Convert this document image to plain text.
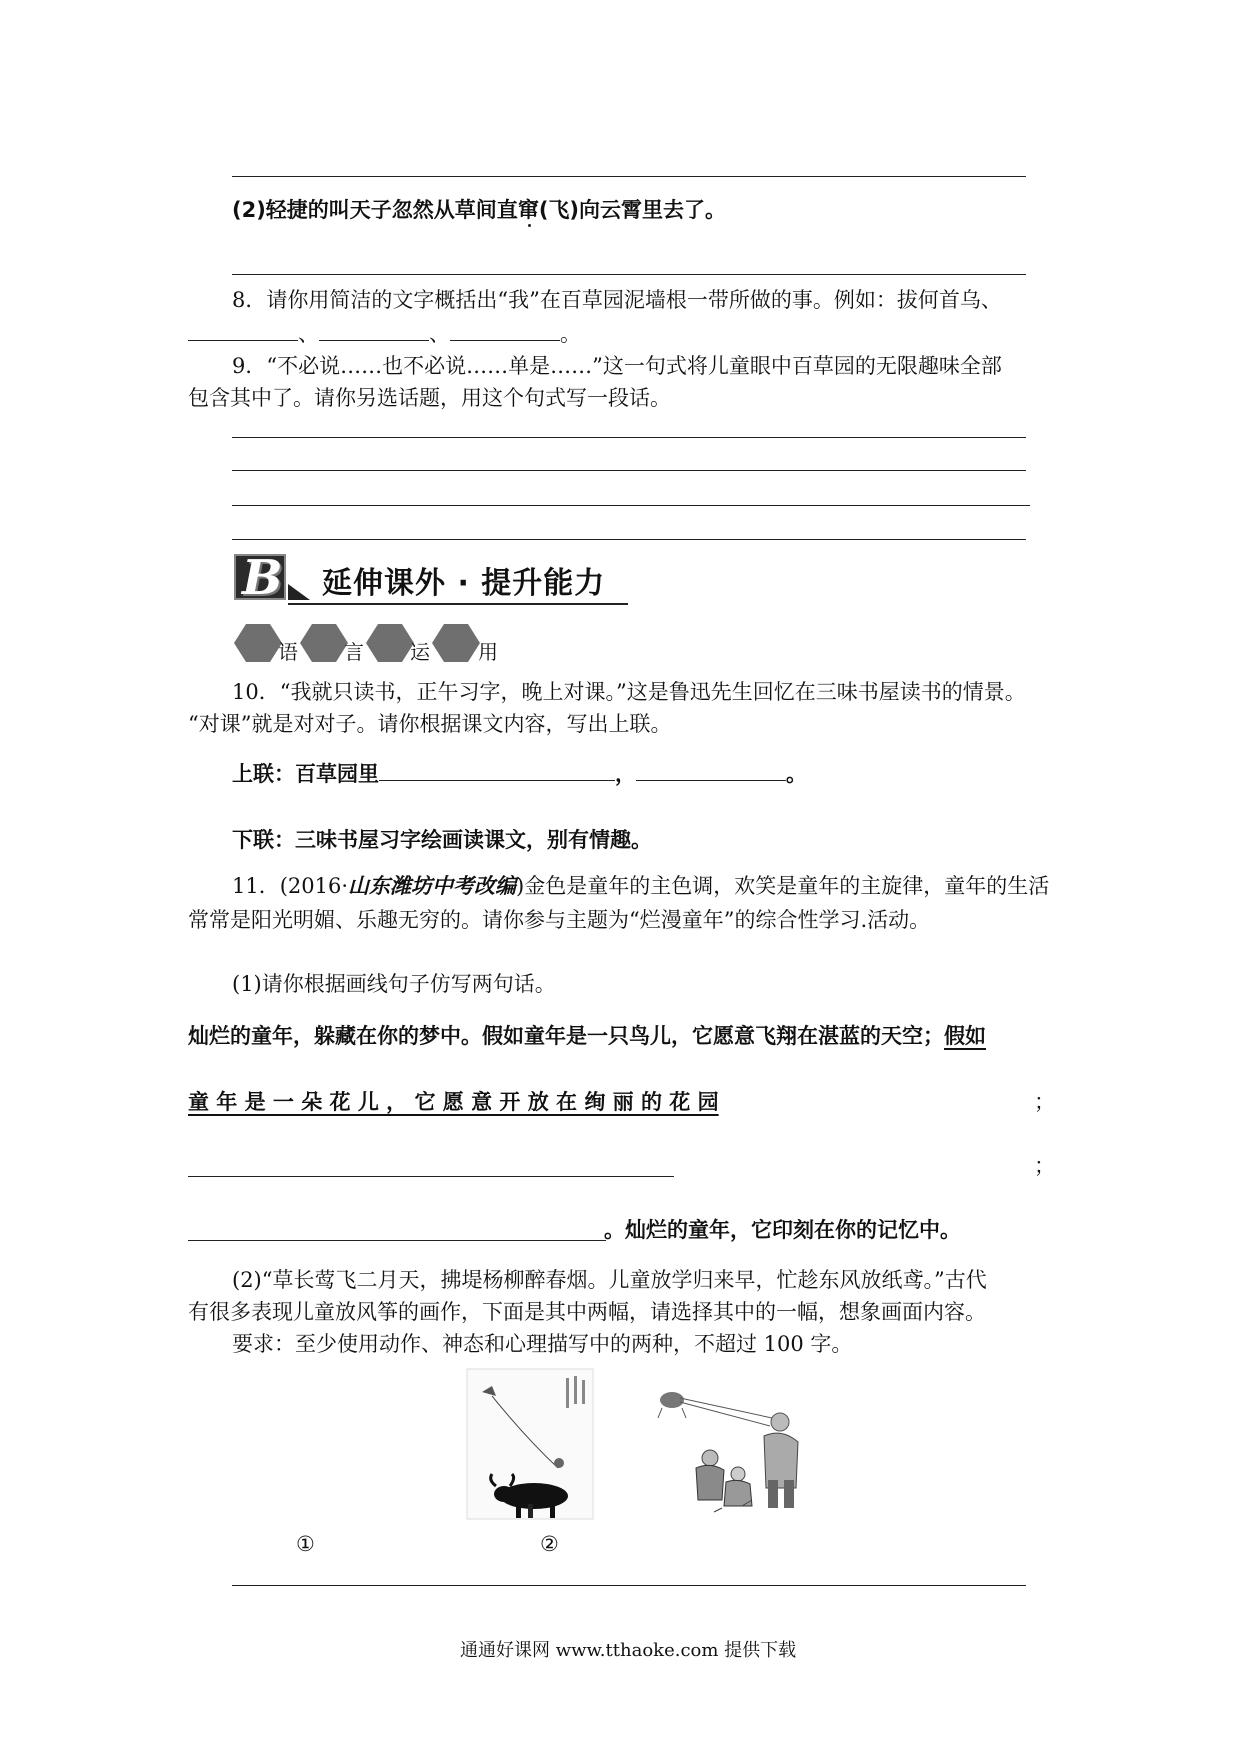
(2)轻捷的叫天子忽然从草间直窜(飞)向云霄里去了。
8．请你用简洁的文字概括出“我”在百草园泥墙根一带所做的事。例如：拔何首乌、
、	、	。
9．“不必说……也不必说……单是……”这一句式将儿童眼中百草园的无限趣味全部
包含其中了。请你另选话题，用这个句式写一段话。
B 延伸课外 · 提升能力
语 言 运 用
10．“我就只读书，正午习字，晚上对课。”这是鲁迅先生回忆在三味书屋读书的情景。
“对课”就是对对子。请你根据课文内容，写出上联。
上联：百草园里	，	。
下联：三味书屋习字绘画读课文，别有情趣。
11．(2016·山东潍坊中考改编)金色是童年的主色调，欢笑是童年的主旋律，童年的生活
常常是阳光明媚、乐趣无穷的。请你参与主题为“烂漫童年”的综合性学习.活动。
(1)请你根据画线句子仿写两句话。
灿烂的童年，躲藏在你的梦中。假如童年是一只鸟儿，它愿意飞翔在湛蓝的天空；假如
童 年 是 一 朵 花 儿 ， 它 愿 意 开 放 在 绚 丽 的 花 园	；
；
。灿烂的童年，它印刻在你的记忆中。
(2)“草长莺飞二月天，拂堤杨柳醉春烟。儿童放学归来早，忙趁东风放纸鸢。”古代
有很多表现儿童放风筝的画作，下面是其中两幅，请选择其中的一幅，想象画面内容。
要求：至少使用动作、神态和心理描写中的两种，不超过 100 字。
①	②
通通好课网 www.tthaoke.com 提供下载
